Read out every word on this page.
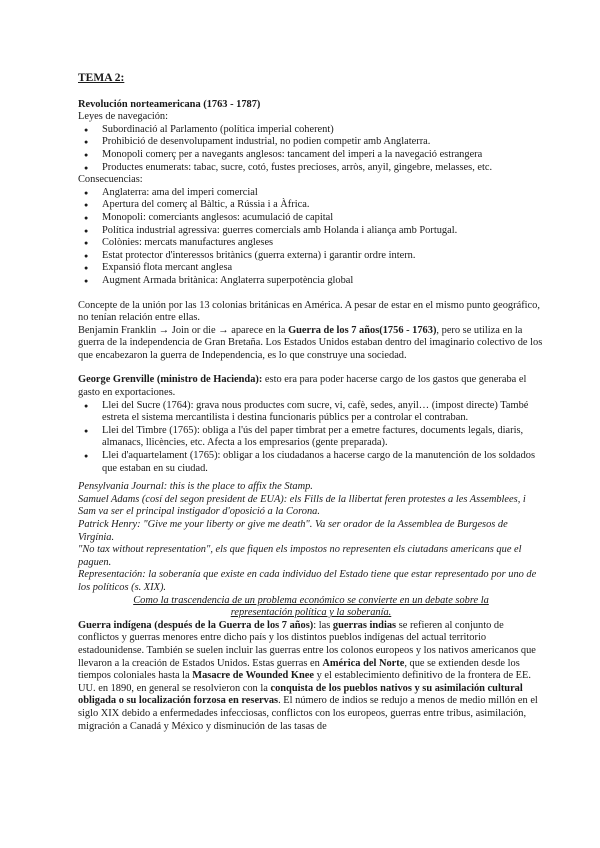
TEMA 2:

Revolución norteamericana (1763 - 1787)

Leyes de navegación:

● Subordinació al Parlamento (política imperial coherent)
● Prohibició de desenvolupament industrial, no podien competir amb Anglaterra.
● Monopoli comerç per a navegants anglesos: tancament del imperi a la navegació estrangera
● Productes enumerats: tabac, sucre, cotó, fustes precioses, arròs, anyil, gingebre, melasses, etc.

Consecuencias:

● Anglaterra: ama del imperi comercial
● Apertura del comerç al Bàltic, a Rússia i a Àfrica.
● Monopoli: comerciants anglesos: acumulació de capital
● Política industrial agressiva: guerres comercials amb Holanda i aliança amb Portugal.
● Colònies: mercats manufactures angleses
● Estat protector d'interessos britànics (guerra externa) i garantir ordre intern.
● Expansió flota mercant anglesa
● Augment Armada britànica: Anglaterra superpotència global

Concepte de la unión por las 13 colonias británicas en América. A pesar de estar en el mismo punto geográfico, no tenían relación entre ellas.

Benjamin Franklin → Join or die → aparece en la Guerra de los 7 años(1756 - 1763), pero se utiliza en la guerra de la independencia de Gran Bretaña. Los Estados Unidos estaban dentro del imaginario colectivo de los que encabezaron la guerra de Independencia, es lo que construye una sociedad.

George Grenville (ministro de Hacienda): esto era para poder hacerse cargo de los gastos que generaba el gasto en exportaciones.

● Llei del Sucre (1764): grava nous productes com sucre, vi, cafè, sedes, anyil… (impost directe) També estreta el sistema mercantilista i destina funcionaris públics per a controlar el contraban.
● Llei del Timbre (1765): obliga a l'ús del paper timbrat per a emetre factures, documents legals, diaris, almanacs, llicències, etc. Afecta a los empresarios (gente preparada).
● Llei d'aquartelament (1765): obligar a los ciudadanos a hacerse cargo de la manutención de los soldados que estaban en su ciudad.

Pensylvania Journal: this is the place to affix the Stamp.

Samuel Adams (cosí del segon president de EUA): els Fills de la llibertat feren protestes a les Assemblees, i Sam va ser el principal instigador d'oposició a la Corona.

Patrick Henry: "Give me your liberty or give me death". Va ser orador de la Assemblea de Burgesos de Virgínia.

"No tax without representation", els que fiquen els impostos no representen els ciutadans americans que el paguen.

Representación: la soberanía que existe en cada individuo del Estado tiene que estar representado por uno de los políticos (s. XIX).

Como la trascendencia de un problema económico se convierte en un debate sobre la representación política y la soberanía.

Guerra indígena (después de la Guerra de los 7 años): las guerras indias se refieren al conjunto de conflictos y guerras menores entre dicho país y los distintos pueblos indígenas del actual territorio estadounidense. También se suelen incluir las guerras entre los colonos europeos y los nativos americanos que llevaron a la creación de Estados Unidos. Estas guerras en América del Norte, que se extienden desde los tiempos coloniales hasta la Masacre de Wounded Knee y el establecimiento definitivo de la frontera de EE. UU. en 1890, en general se resolvieron con la conquista de los pueblos nativos y su asimilación cultural obligada o su localización forzosa en reservas. El número de indios se redujo a menos de medio millón en el siglo XIX debido a enfermedades infecciosas, conflictos con los europeos, guerras entre tribus, asimilación, migración a Canadá y México y disminución de las tasas de
